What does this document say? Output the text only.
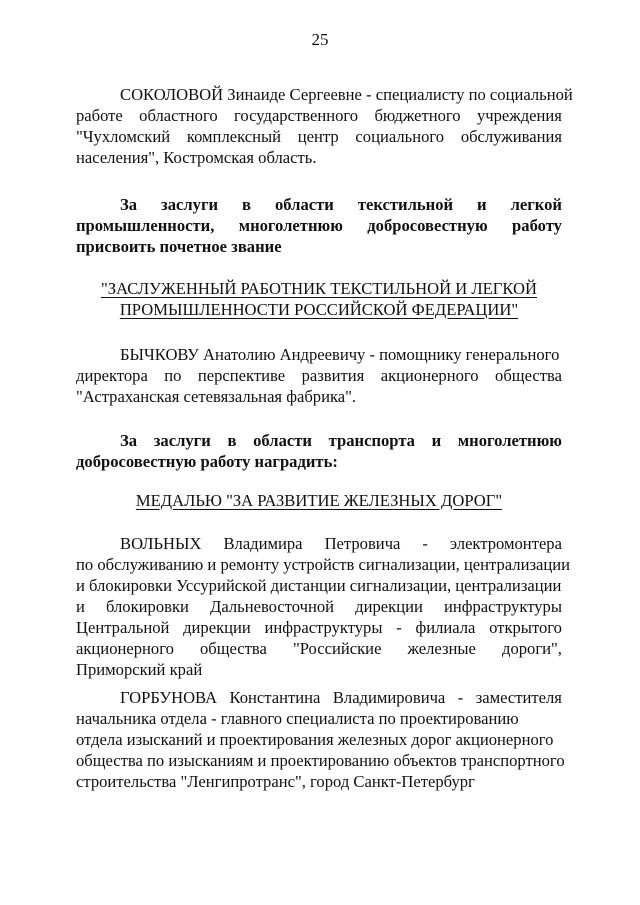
25
СОКОЛОВОЙ Зинаиде Сергеевне - специалисту по социальной
работе областного государственного бюджетного учреждения
"Чухломский комплексный центр социального обслуживания
населения", Костромская область.
За заслуги в области текстильной и легкой
промышленности, многолетнюю добросовестную работу
присвоить почетное звание
"ЗАСЛУЖЕННЫЙ РАБОТНИК ТЕКСТИЛЬНОЙ И ЛЕГКОЙ
ПРОМЫШЛЕННОСТИ РОССИЙСКОЙ ФЕДЕРАЦИИ"
БЫЧКОВУ Анатолию Андреевичу - помощнику генерального
директора по перспективе развития акционерного общества
"Астраханская сетевязальная фабрика".
За заслуги в области транспорта и многолетнюю
добросовестную работу наградить:
МЕДАЛЬЮ "ЗА РАЗВИТИЕ ЖЕЛЕЗНЫХ ДОРОГ"
ВОЛЬНЫХ Владимира Петровича - электромонтера
по обслуживанию и ремонту устройств сигнализации, централизации
и блокировки Уссурийской дистанции сигнализации, централизации
и блокировки Дальневосточной дирекции инфраструктуры
Центральной дирекции инфраструктуры - филиала открытого
акционерного общества "Российские железные дороги",
Приморский край
ГОРБУНОВА Константина Владимировича - заместителя
начальника отдела - главного специалиста по проектированию
отдела изысканий и проектирования железных дорог акционерного
общества по изысканиям и проектированию объектов транспортного
строительства "Ленгипротранс", город Санкт-Петербург
